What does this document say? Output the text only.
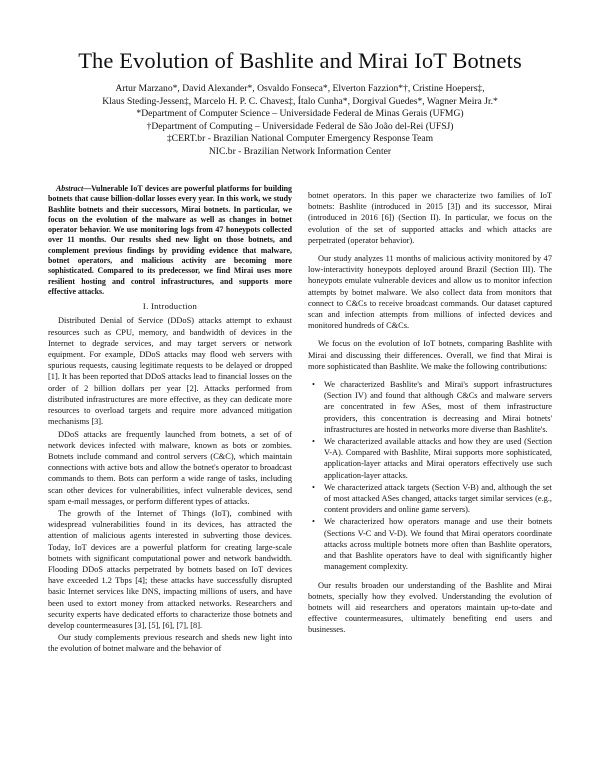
The Evolution of Bashlite and Mirai IoT Botnets
Artur Marzano*, David Alexander*, Osvaldo Fonseca*, Elverton Fazzion*†, Cristine Hoepers‡,
Klaus Steding-Jessen‡, Marcelo H. P. C. Chaves‡, Ítalo Cunha*, Dorgival Guedes*, Wagner Meira Jr.*
*Department of Computer Science – Universidade Federal de Minas Gerais (UFMG)
†Department of Computing – Universidade Federal de São João del-Rei (UFSJ)
‡CERT.br - Brazilian National Computer Emergency Response Team
NIC.br - Brazilian Network Information Center

Abstract—Vulnerable IoT devices are powerful platforms for building botnets that cause billion-dollar losses every year. In this work, we study Bashlite botnets and their successors, Mirai botnets. In particular, we focus on the evolution of the malware as well as changes in botnet operator behavior. We use monitoring logs from 47 honeypots collected over 11 months. Our results shed new light on those botnets, and complement previous findings by providing evidence that malware, botnet operators, and malicious activity are becoming more sophisticated. Compared to its predecessor, we find Mirai uses more resilient hosting and control infrastructures, and supports more effective attacks.

I. Introduction

Distributed Denial of Service (DDoS) attacks attempt to exhaust resources such as CPU, memory, and bandwidth of devices in the Internet to degrade services, and may target servers or network equipment. For example, DDoS attacks may flood web servers with spurious requests, causing legitimate requests to be delayed or dropped [1]. It has been reported that DDoS attacks lead to financial losses on the order of 2 billion dollars per year [2]. Attacks performed from distributed infrastructures are more effective, as they can dedicate more resources to overload targets and require more advanced mitigation mechanisms [3].

DDoS attacks are frequently launched from botnets, a set of of network devices infected with malware, known as bots or zombies. Botnets include command and control servers (C&C), which maintain connections with active bots and allow the botnet's operator to broadcast commands to them. Bots can perform a wide range of tasks, including scan other devices for vulnerabilities, infect vulnerable devices, send spam e-mail messages, or perform different types of attacks.

The growth of the Internet of Things (IoT), combined with widespread vulnerabilities found in its devices, has attracted the attention of malicious agents interested in subverting those devices. Today, IoT devices are a powerful platform for creating large-scale botnets with significant computational power and network bandwidth. Flooding DDoS attacks perpetrated by botnets based on IoT devices have exceeded 1.2 Tbps [4]; these attacks have successfully disrupted basic Internet services like DNS, impacting millions of users, and have been used to extort money from attacked networks. Researchers and security experts have dedicated efforts to characterize those botnets and develop countermeasures [3], [5], [6], [7], [8].

Our study complements previous research and sheds new light into the evolution of botnet malware and the behavior of

botnet operators. In this paper we characterize two families of IoT botnets: Bashlite (introduced in 2015 [3]) and its successor, Mirai (introduced in 2016 [6]) (Section II). In particular, we focus on the evolution of the set of supported attacks and which attacks are perpetrated (operator behavior).

Our study analyzes 11 months of malicious activity monitored by 47 low-interactivity honeypots deployed around Brazil (Section III). The honeypots emulate vulnerable devices and allow us to monitor infection attempts by botnet malware. We also collect data from monitors that connect to C&Cs to receive broadcast commands. Our dataset captured scan and infection attempts from millions of infected devices and monitored hundreds of C&Cs.

We focus on the evolution of IoT botnets, comparing Bashlite with Mirai and discussing their differences. Overall, we find that Mirai is more sophisticated than Bashlite. We make the following contributions:

• We characterized Bashlite's and Mirai's support infrastructures (Section IV) and found that although C&Cs and malware servers are concentrated in few ASes, most of them infrastructure providers, this concentration is decreasing and Mirai botnets' infrastructures are hosted in networks more diverse than Bashlite's.
• We characterized available attacks and how they are used (Section V-A). Compared with Bashlite, Mirai supports more sophisticated, application-layer attacks and Mirai operators effectively use such application-layer attacks.
• We characterized attack targets (Section V-B) and, although the set of most attacked ASes changed, attacks target similar services (e.g., content providers and online game servers).
• We characterized how operators manage and use their botnets (Sections V-C and V-D). We found that Mirai operators coordinate attacks across multiple botnets more often than Bashlite operators, and that Bashlite operators have to deal with significantly higher management complexity.

Our results broaden our understanding of the Bashlite and Mirai botnets, specially how they evolved. Understanding the evolution of botnets will aid researchers and operators maintain up-to-date and effective countermeasures, ultimately benefiting end users and businesses.
